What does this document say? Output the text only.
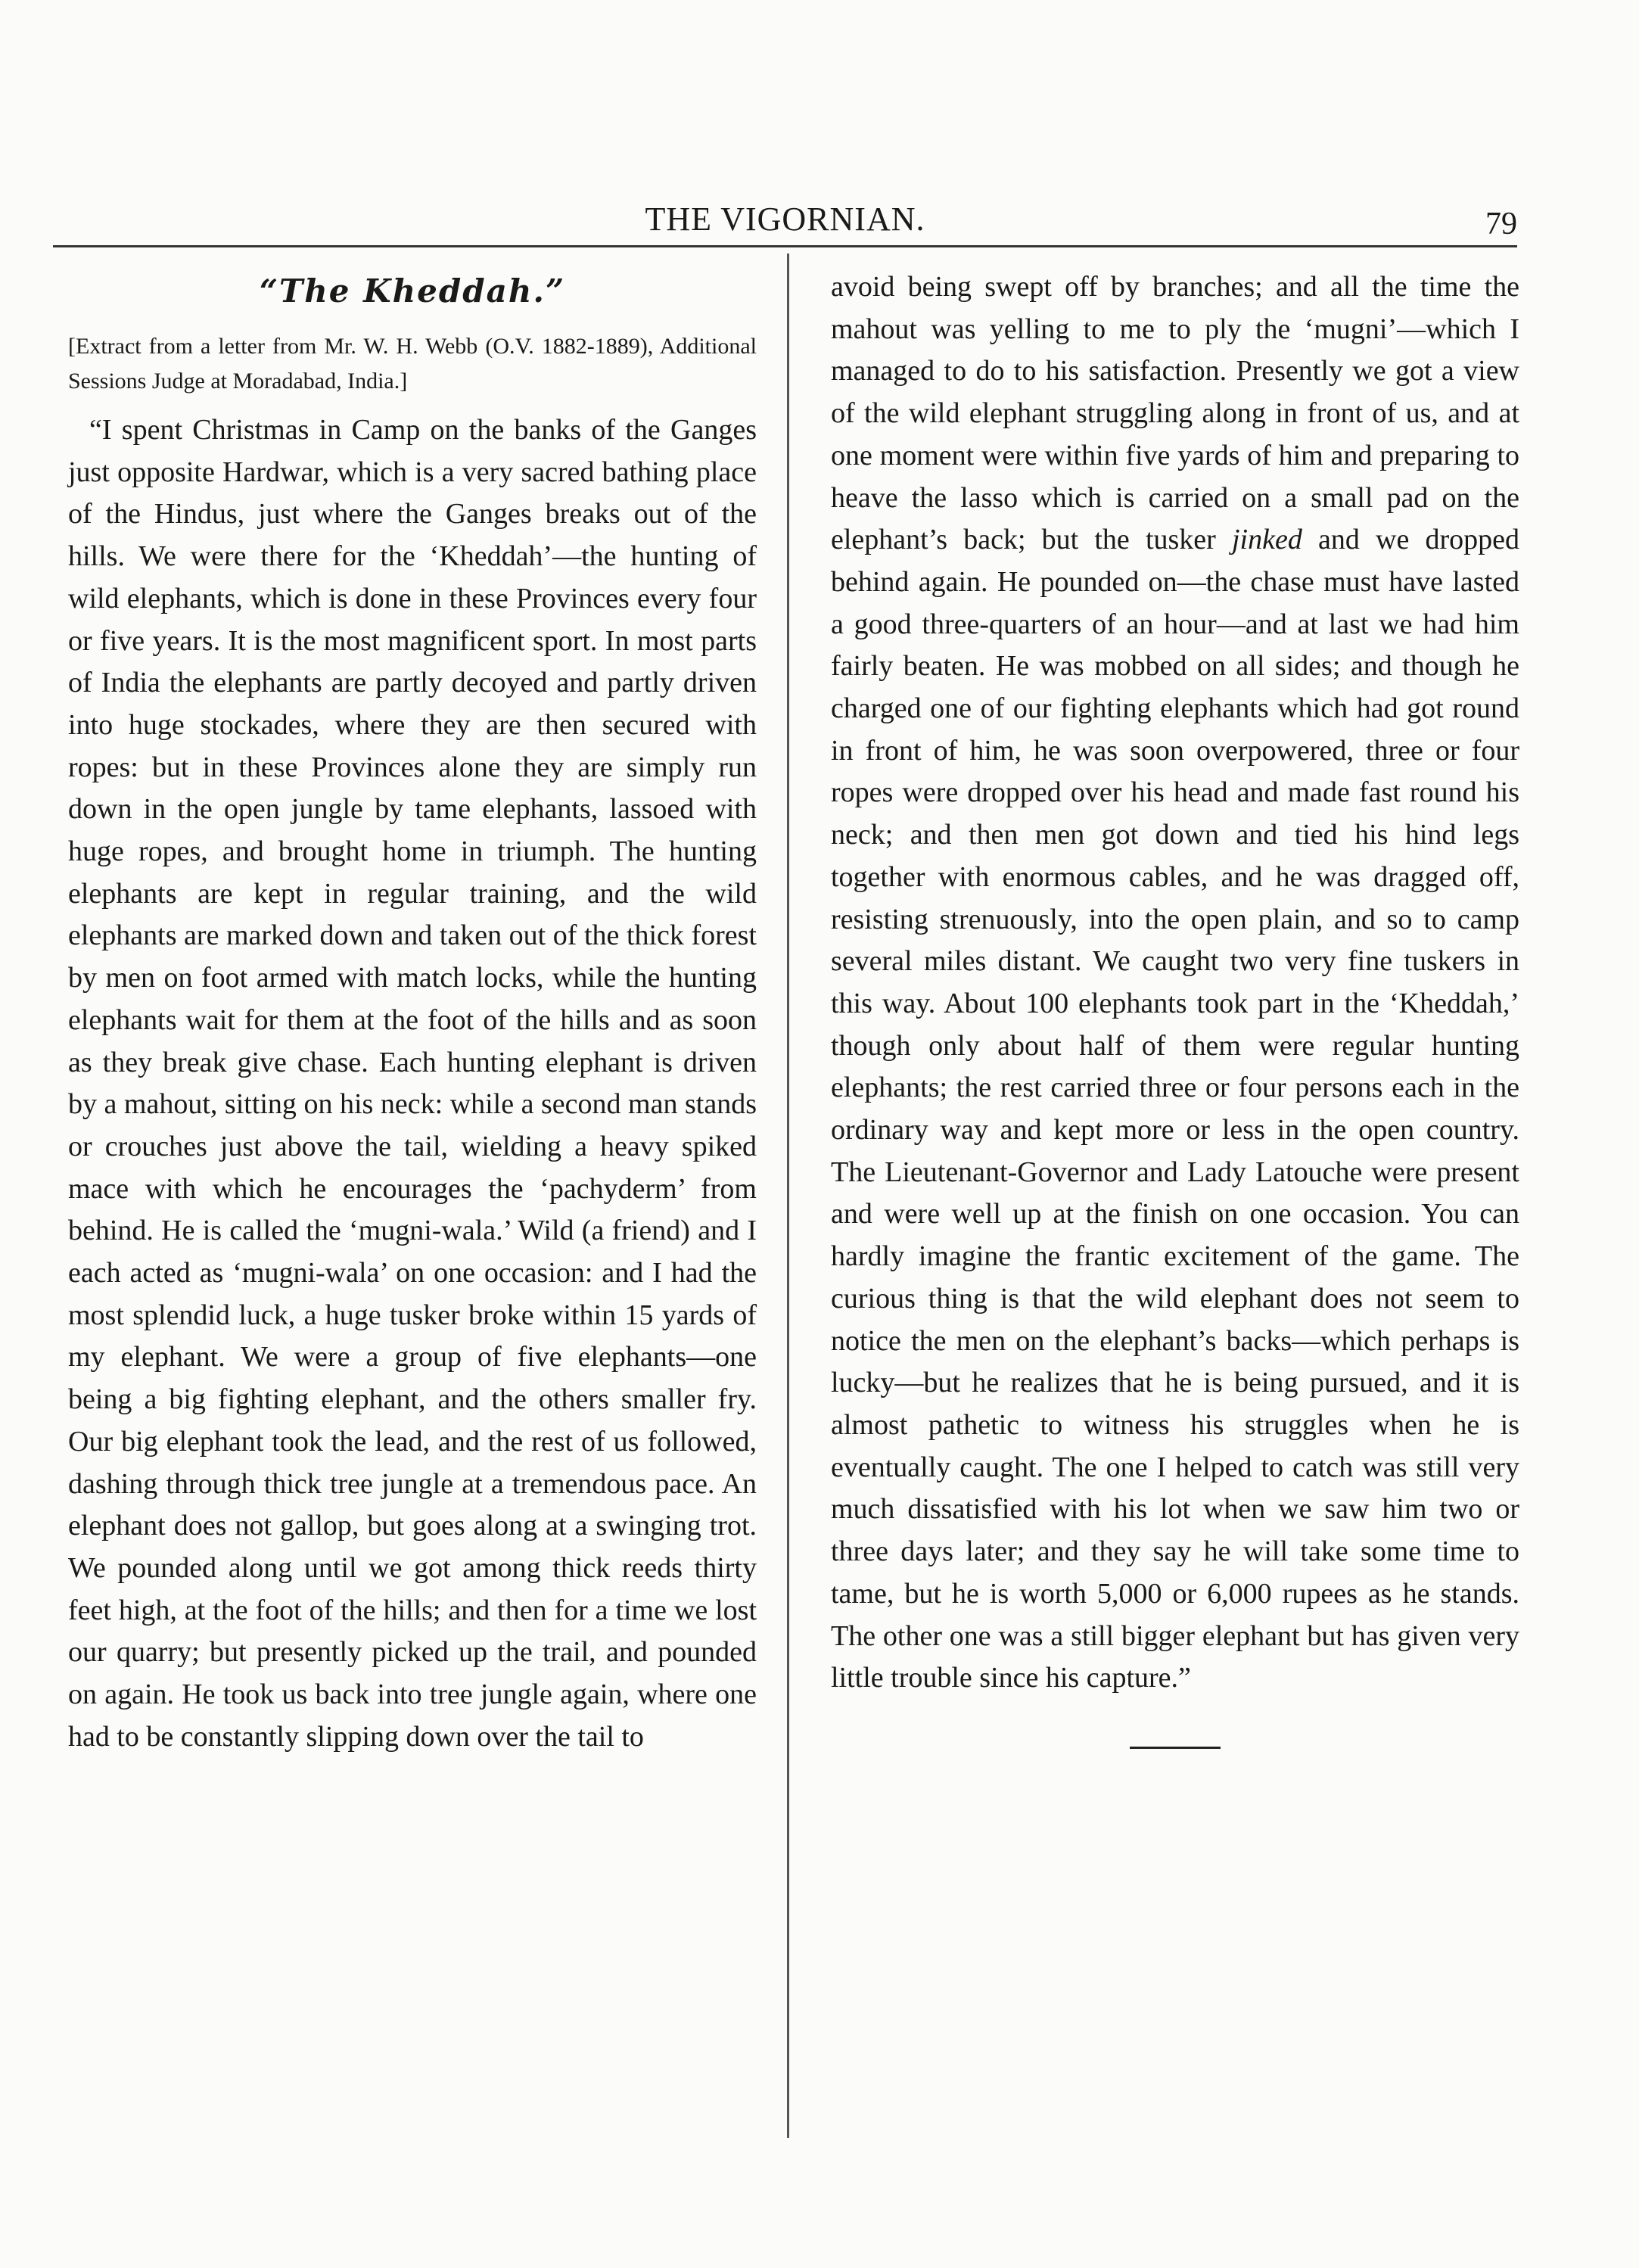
THE VIGORNIAN.	79
“The Kheddah.”

[Extract from a letter from Mr. W. H. Webb (O.V. 1882-1889), Additional Sessions Judge at Moradabad, India.]

“I spent Christmas in Camp on the banks of the Ganges just opposite Hardwar, which is a very sacred bathing place of the Hindus, just where the Ganges breaks out of the hills. We were there for the ‘Kheddah’—the hunting of wild elephants, which is done in these Provinces every four or five years. It is the most magnificent sport. In most parts of India the elephants are partly decoyed and partly driven into huge stockades, where they are then secured with ropes: but in these Provinces alone they are simply run down in the open jungle by tame elephants, lassoed with huge ropes, and brought home in triumph. The hunting elephants are kept in regular training, and the wild elephants are marked down and taken out of the thick forest by men on foot armed with match locks, while the hunting elephants wait for them at the foot of the hills and as soon as they break give chase. Each hunting elephant is driven by a mahout, sitting on his neck: while a second man stands or crouches just above the tail, wielding a heavy spiked mace with which he encourages the ‘pachyderm’ from behind. He is called the ‘mugni-wala.’ Wild (a friend) and I each acted as ‘mugni-wala’ on one occasion: and I had the most splendid luck, a huge tusker broke within 15 yards of my elephant. We were a group of five elephants—one being a big fighting elephant, and the others smaller fry. Our big elephant took the lead, and the rest of us followed, dashing through thick tree jungle at a tremendous pace. An elephant does not gallop, but goes along at a swinging trot. We pounded along until we got among thick reeds thirty feet high, at the foot of the hills; and then for a time we lost our quarry; but presently picked up the trail, and pounded on again. He took us back into tree jungle again, where one had to be constantly slipping down over the tail to

avoid being swept off by branches; and all the time the mahout was yelling to me to ply the ‘mugni’—which I managed to do to his satisfaction. Presently we got a view of the wild elephant struggling along in front of us, and at one moment were within five yards of him and preparing to heave the lasso which is carried on a small pad on the elephant’s back; but the tusker jinked and we dropped behind again. He pounded on—the chase must have lasted a good three-quarters of an hour—and at last we had him fairly beaten. He was mobbed on all sides; and though he charged one of our fighting elephants which had got round in front of him, he was soon overpowered, three or four ropes were dropped over his head and made fast round his neck; and then men got down and tied his hind legs together with enormous cables, and he was dragged off, resisting strenuously, into the open plain, and so to camp several miles distant. We caught two very fine tuskers in this way. About 100 elephants took part in the ‘Kheddah,’ though only about half of them were regular hunting elephants; the rest carried three or four persons each in the ordinary way and kept more or less in the open country. The Lieutenant-Governor and Lady Latouche were present and were well up at the finish on one occasion. You can hardly imagine the frantic excitement of the game. The curious thing is that the wild elephant does not seem to notice the men on the elephant’s backs—which perhaps is lucky—but he realizes that he is being pursued, and it is almost pathetic to witness his struggles when he is eventually caught. The one I helped to catch was still very much dissatisfied with his lot when we saw him two or three days later; and they say he will take some time to tame, but he is worth 5,000 or 6,000 rupees as he stands. The other one was a still bigger elephant but has given very little trouble since his capture.”
